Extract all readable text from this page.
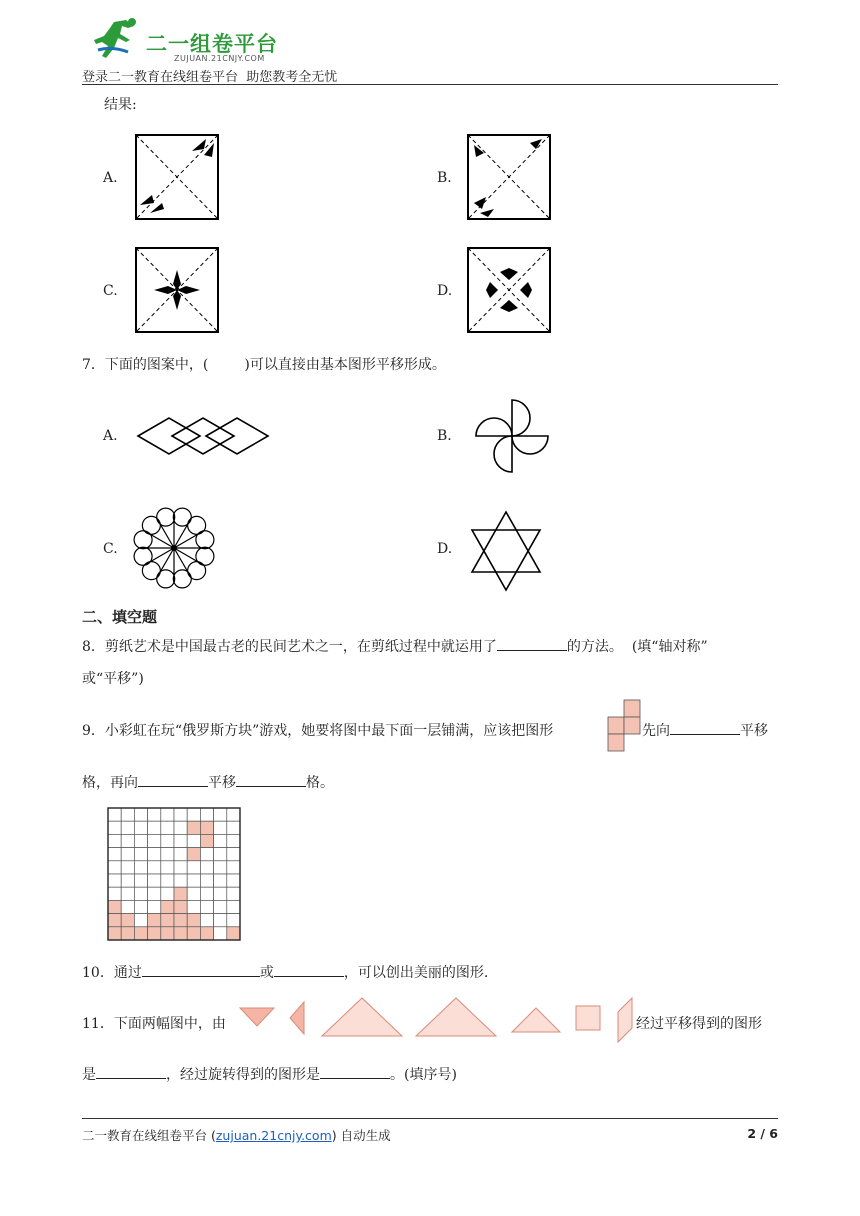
二一组卷平台
ZUJUAN.21CNJY.COM
登录二一教育在线组卷平台  助您教考全无忧
结果:
A.	B.
C.	D.
7．下面的图案中，(	)可以直接由基本图形平移形成。
A.	B.
C.	D.
二、填空题
8．剪纸艺术是中国最古老的民间艺术之一，在剪纸过程中就运用了	的方法。  (填“轴对称”
或“平移”)
9．小彩虹在玩“俄罗斯方块”游戏，她要将图中最下面一层铺满，应该把图形	先向	平移
格，再向	平移	格。
10．通过	或	，可以创出美丽的图形.
11．下面两幅图中，由	经过平移得到的图形
是	，经过旋转得到的图形是	。(填序号)
二一教育在线组卷平台 (zujuan.21cnjy.com) 自动生成	2 / 6
